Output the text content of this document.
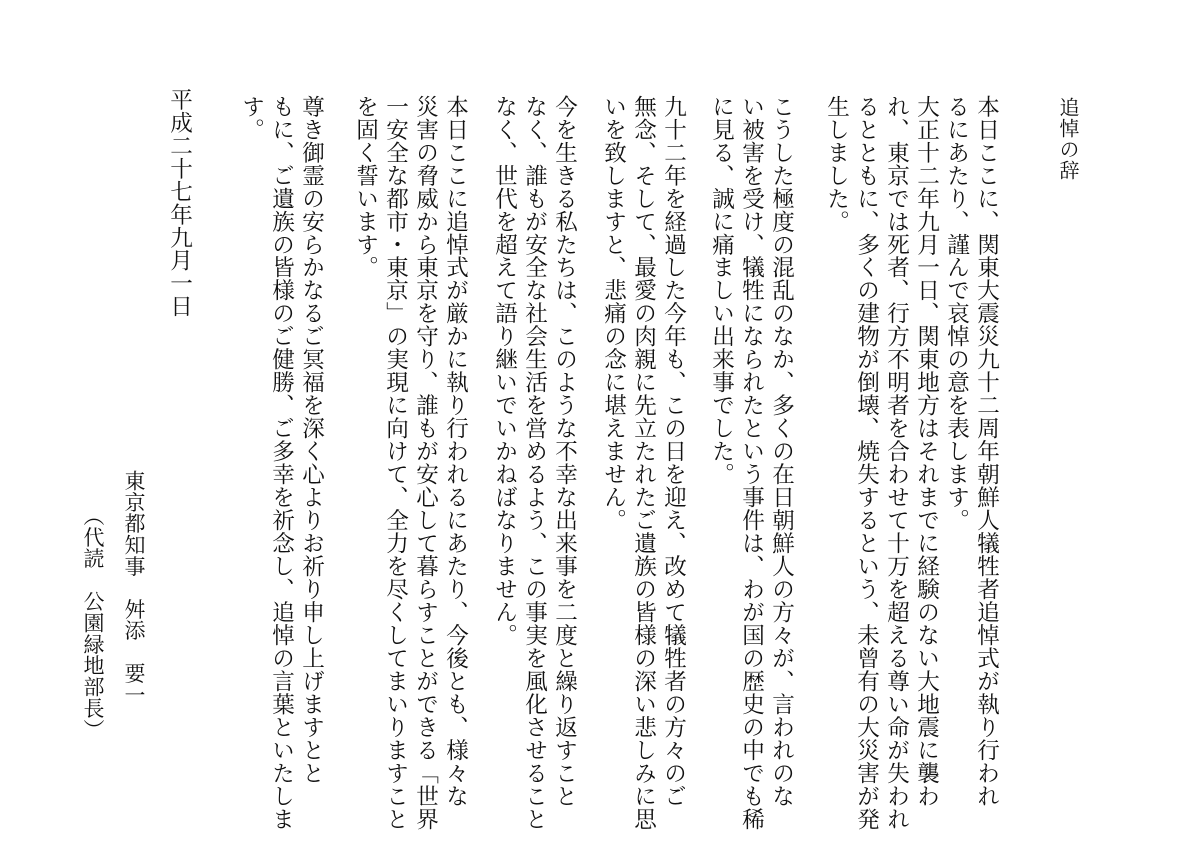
追悼の辞
本日ここに、関東大震災九十二周年朝鮮人犠牲者追悼式が執り行われ
るにあたり、謹んで哀悼の意を表します。
大正十二年九月一日、関東地方はそれまでに経験のない大地震に襲わ
れ、東京では死者、行方不明者を合わせて十万を超える尊い命が失われ
るとともに、多くの建物が倒壊、焼失するという、未曾有の大災害が発
生しました。
こうした極度の混乱のなか、多くの在日朝鮮人の方々が、言われのな
い被害を受け、犠牲になられたという事件は、わが国の歴史の中でも稀
に見る、誠に痛ましい出来事でした。
九十二年を経過した今年も、この日を迎え、改めて犠牲者の方々のご
無念、そして、最愛の肉親に先立たれたご遺族の皆様の深い悲しみに思
いを致しますと、悲痛の念に堪えません。
今を生きる私たちは、このような不幸な出来事を二度と繰り返すこと
なく、誰もが安全な社会生活を営めるよう、この事実を風化させること
なく、世代を超えて語り継いでいかねばなりません。
本日ここに追悼式が厳かに執り行われるにあたり、今後とも、様々な
災害の脅威から東京を守り、誰もが安心して暮らすことができる「世界
一安全な都市・東京」の実現に向けて、全力を尽くしてまいりますこと
を固く誓います。
尊き御霊の安らかなるご冥福を深く心よりお祈り申し上げますとと
もに、ご遺族の皆様のご健勝、ご多幸を祈念し、追悼の言葉といたしま
す。
平成二十七年九月一日
東京都知事　舛添　要一
（代読　公園緑地部長）
